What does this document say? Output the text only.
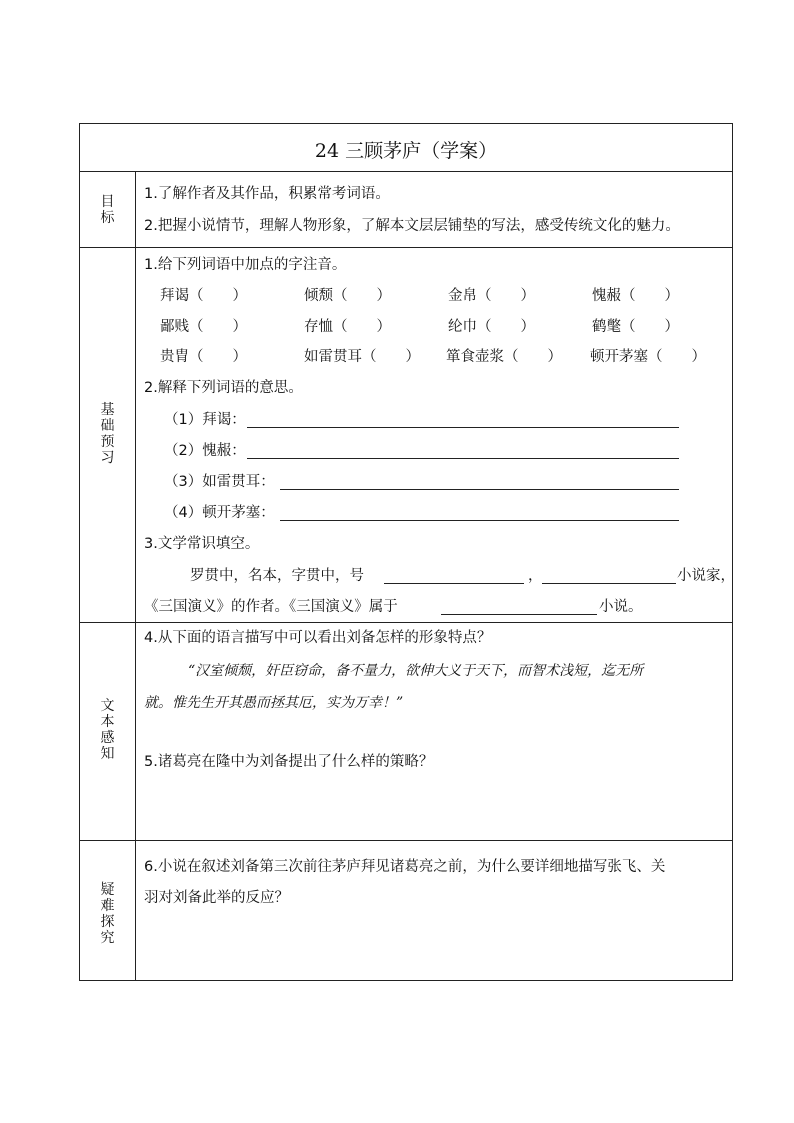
24 三顾茅庐（学案）
目
标
1.了解作者及其作品，积累常考词语。
2.把握小说情节，理解人物形象，了解本文层层铺垫的写法，感受传统文化的魅力。
基
础
预
习
1.给下列词语中加点的字注音。
拜谒（　　）	倾颓（　　）	金帛（　　）	愧赧（　　）
鄙贱（　　）	存恤（　　）	纶巾（　　）	鹤氅（　　）
贵胄（　　）	如雷贯耳（　　） 箪食壶浆（　　） 顿开茅塞（　　）
2.解释下列词语的意思。
（1）拜谒：
（2）愧赧：
（3）如雷贯耳：
（4）顿开茅塞：
3.文学常识填空。
罗贯中，名本，字贯中，号	，	小说家，
《三国演义》的作者。《三国演义》属于	小说。
文
本
感
知
4.从下面的语言描写中可以看出刘备怎样的形象特点？
“汉室倾颓，奸臣窃命，备不量力，欲伸大义于天下，而智术浅短，迄无所
就。惟先生开其愚而拯其厄，实为万幸！”
5.诸葛亮在隆中为刘备提出了什么样的策略？
疑
难
探
究
6.小说在叙述刘备第三次前往茅庐拜见诸葛亮之前，为什么要详细地描写张飞、关
羽对刘备此举的反应？
